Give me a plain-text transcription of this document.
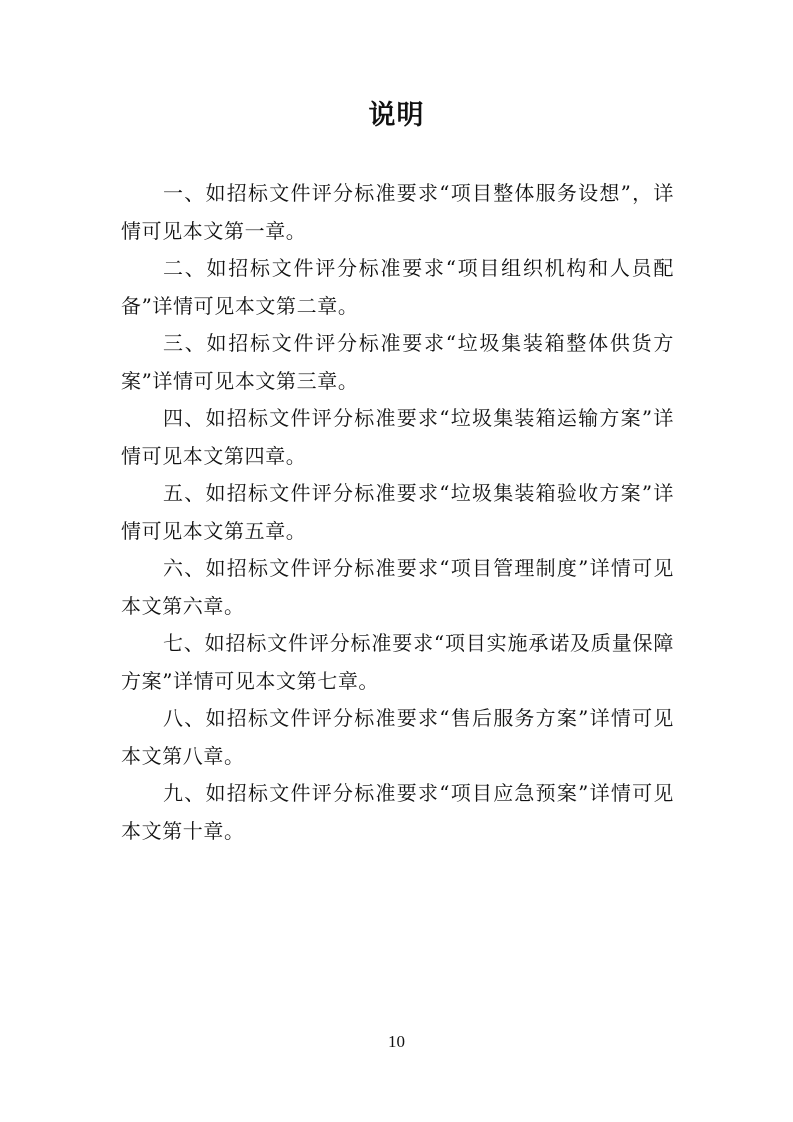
说明

一、如招标文件评分标准要求“项目整体服务设想”，详情可见本文第一章。

二、如招标文件评分标准要求“项目组织机构和人员配备”详情可见本文第二章。

三、如招标文件评分标准要求“垃圾集装箱整体供货方案”详情可见本文第三章。

四、如招标文件评分标准要求“垃圾集装箱运输方案”详情可见本文第四章。

五、如招标文件评分标准要求“垃圾集装箱验收方案”详情可见本文第五章。

六、如招标文件评分标准要求“项目管理制度”详情可见本文第六章。

七、如招标文件评分标准要求“项目实施承诺及质量保障方案”详情可见本文第七章。

八、如招标文件评分标准要求“售后服务方案”详情可见本文第八章。

九、如招标文件评分标准要求“项目应急预案”详情可见本文第十章。

10
